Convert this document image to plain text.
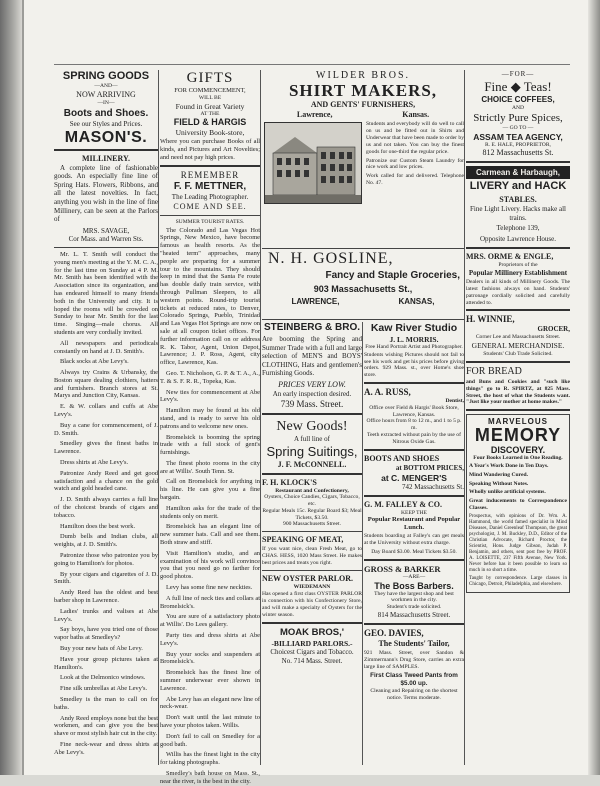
SPRING GOODS
—AND—
NOW ARRIVING
—IN—
Boots and Shoes.
See our Styles and Prices.
MASON'S.
MILLINERY.

A complete line of fashionable goods. An especially fine line of Spring Hats. Flowers, Ribbons, and all the latest novelties. In fact, anything you wish in the line of fine Millinery, can be seen at the Parlors of

MRS. SAVAGE,
Cor Mass. and Warren Sts.

Mr. L. T. Smith will conduct the young men's meeting at the Y. M. C. A., for the last time on Sunday at 4 P. M. Mr. Smith has been identified with the Association since its organization, and has endeared himself to many friends both in the University and city. It is hoped the rooms will be crowded on Sunday to hear Mr. Smith for the last time. Singing—male chorus. All students are very cordially invited.

All newspapers and periodicals constantly on hand at J. D. Smith's.

Black socks at Abe Levy's.

Always try Crains & Urbansky, the Boston square dealing clothiers, hatters and furnishers. Branch stores at St. Marys and Junction City, Kansas.

E. & W. collars and cuffs at Abe Levy's.

Buy a cane for commencement, of J. D. Smith.

Smedley gives the finest baths in Lawrence.

Dress shirts at Abe Levy's.

Patronize Andy Reed and get good satisfaction and a chance on the gold watch and gold headed cane.

J. D. Smith always carries a full line of the choicest brands of cigars and tobacco.

Hamilton does the best work.

Dumb bells and Indian clubs, all weights, at J. D. Smith's.

Patronize those who patronize you by going to Hamilton's for photos.

By your cigars and cigarettes of J. D. Smith.

Andy Reed has the oldest and best barber shop in Lawrence.

Ladies' trunks and valises at Abe Levy's.

Say boys, have you tried one of those vapor baths at Smedley's?

Buy your new hats of Abe Levy.

Have your group pictures taken at Hamilton's.

Look at the Delmonico windows.

Fine silk umbrellas at Abe Levy's.

Smedley is the man to call on for baths.

Andy Reed employs none but the best workmen, and can give you the best shave or most stylish hair cut in the city.

Fine neck-wear and dress shirts at Abe Levy's.

GIFTS
FOR COMMENCEMENT,
WILL BE
Found in Great Variety
AT THE
FIELD & HARGIS
University Book-store,

Where you can purchase Books of all kinds, and Pictures and Art Novelties; and need not pay high prices.

REMEMBER
F. F. METTNER,
The Leading Photographer.
COME AND SEE.
SUMMER TOURIST RATES.

The Colorado and Las Vegas Hot Springs, New Mexico, have become famous as health resorts. As the "heated term" approaches, many people are preparing for a summer tour to the mountains. They should keep in mind that the Santa Fe route has double daily train service, with through Pullman Sleepers, to all western points. Round-trip tourist tickets at reduced rates, to Denver, Colorado Springs, Pueblo, Trinidad and Las Vegas Hot Springs are now on sale at all coupon ticket offices. For further information call on or address R. K. Tabor, Agent, Union Depot, Lawrence; J. P. Ross, Agent, city office, Lawrence, Kas.

Geo. T. Nicholson, G. P. & T. A., A., T. & S. F. R. R., Topeka, Kas.

New ties for commencement at Abe Levy's.

Hamilton may be found at his old stand, and is ready to serve his old patrons and to welcome new ones.

Bromelsick is booming the spring trade with a full stock of gent's furnishings.

The finest photo rooms in the city are at Willis'. South Tenn. St.

Call on Bromelsick for anything in his line. He can give you a fine bargain.

Hamilton asks for the trade of the students only on merit.

Bromelsick has an elegant line of new summer hats. Call and see them. Both straw and stiff.

Visit Hamilton's studio, and an examination of his work will convince you that you need go no farther for good photos.

Levy has some fine new neckties.

A full line of neck ties and collars at Bromelsick's.

You are sure of a satisfactory photo at Willis'. Do Lees gallery.

Party ties and dress shirts at Abe Levy's.

Buy your socks and suspenders at Bromelsick's.

Bromelsick has the finest line of summer underwear ever shown in Lawrence.

Abe Levy has an elegant new line of neck-wear.

Don't wait until the last minute to have your photos taken. Willis.

Don't fail to call on Smedley for a good bath.

Willis has the finest light in the city for taking photographs.

Smedley's bath house on Mass. St., near the river, is the best in the city.

WILDER BROS.
SHIRT MAKERS,
AND GENTS' FURNISHERS,
Lawrence,	Kansas.

Students and everybody will do well to call on us and be fitted out in Shirts and Underwear that have been made to order by us and not taken. You can buy the finest goods for one-third the regular price.

Patronize our Custom Steam Laundry for nice work and low prices.

Work called for and delivered. Telephone No. 47.

N. H. GOSLINE,
Fancy and Staple Groceries,
903 Massachusetts St.,
LAWRENCE,	KANSAS,
STEINBERG & BRO.

Are booming the Spring and Summer Trade with a full and large selection of MEN'S and BOYS' CLOTHING, Hats and gentlemen's Furnishing Goods.

PRICES VERY LOW.
An early inspection desired.
739 Mass. Street.
New Goods!
A full line of
Spring Suitings,
J. F. McCONNELL.
F. H. KLOCK'S
Restaurant and Confectionery,
Oysters, Choice Candies, Cigars, Tobacco, etc.
Regular Meals 15c. Regular Board $3; Meal Tickets, $3.50.
900 Massachusetts Street.
SPEAKING OF MEAT,

If you want nice, clean Fresh Meat, go to CHAS. HESS, 1020 Mass Street. He makes best prices and treats you right.

NEW OYSTER PARLOR.
WIEDEMANN

Has opened a first class OYSTER PARLOR in connection with his Confectionery Store, and will make a specialty of Oysters for the winter season.

MOAK BROS,'
-BILLIARD PARLORS.-
Choicest Cigars and Tobacco.
No. 714 Mass. Street.
Kaw River Studio
J. L. MORRIS.
Free Hand Portrait Artist and Photographer.

Students wishing Pictures should not fail to see his work and get his prices before giving orders. 929 Mass. st., over Home's shoe store.

A. A. RUSS,
Dentist,
Office over Field & Hargis' Book Store, Lawrence, Kansas.
Office hours from 8 to 12 m., and 1 to 5 p. m.
Teeth extracted without pain by the use of Nitrous Oxide Gas.
BOOTS AND SHOES
at BOTTOM PRICES,
at C. MENGER'S
742 Massachusetts St.
G. M. FALLEY & CO.
KEEP THE
Popular Restaurant and Popular Lunch.

Students boarding at Falley's can get meals at the University without extra charge.

Day Board $3.00. Meal Tickets $3.50.
GROSS & BARKER
—ARE—
The Boss Barbers.
They have the largest shop and best workmen in the city.
Student's trade solicited.
814 Massachusetts Street.
GEO. DAVIES,
The Students' Tailor,

921 Mass. Street, over Sandon & Zimmermann's Drug Store, carries an extra large line of SAMPLES.

First Class Tweed Pants from $5.00 up.
Cleaning and Repairing on the shortest notice. Terms moderate.
—FOR—
Fine ◆ Teas!
CHOICE COFFEES,
AND
Strictly Pure Spices,
— GO TO —
ASSAM TEA AGENCY,
R. E. HALE, PROPRIETOR,
812 Massachusetts St.
Carmean & Harbaugh,
LIVERY and HACK
STABLES.
Fine Light Livery. Hacks make all trains.
Telephone 139,
Opposite Lawrence House.
MRS. ORME & ENGLE,
Proprietors of the
Popular Millinery Establishment

Dealers in all kinds of Millinery Goods. The latest fashions always on hand. Students' patronage cordially solicited and carefully attended to.

H. WINNIE,
GROCER,
Corner Lee and Massachusetts Street.
GENERAL MERCHANDISE.
Students' Club Trade Solicited.
FOR BREAD

and Buns and Cookies and "such like things" go to R. SPIRTZ, at 825 Mass. Street, the host of what the Students want. "Just like your mother at home makes."

MARVELOUS
MEMORY
DISCOVERY.
Four Books Learned in One Reading.

A Year's Work Done in Ten Days.

Mind Wandering Cured.

Speaking Without Notes.

Wholly unlike artificial systems.

Great inducements to Correspondence Classes.

Prospectus, with opinions of Dr. Wm. A. Hammond, the world famed specialist in Mind Diseases, Daniel Greenleaf Thompson, the great psychologist, J. M. Buckley, D.D., Editor of the Christian Advocate, Richard Proctor, the Scientist, Hons. Judge Gibson, Judah P. Benjamin, and others, sent post free by PROF. A. LOISETTE, 237 Fifth Avenue, New York. Never before has it been possible to learn so much in so short a time.

Taught by correspondence. Large classes in Chicago, Detroit, Philadelphia, and elsewhere.
